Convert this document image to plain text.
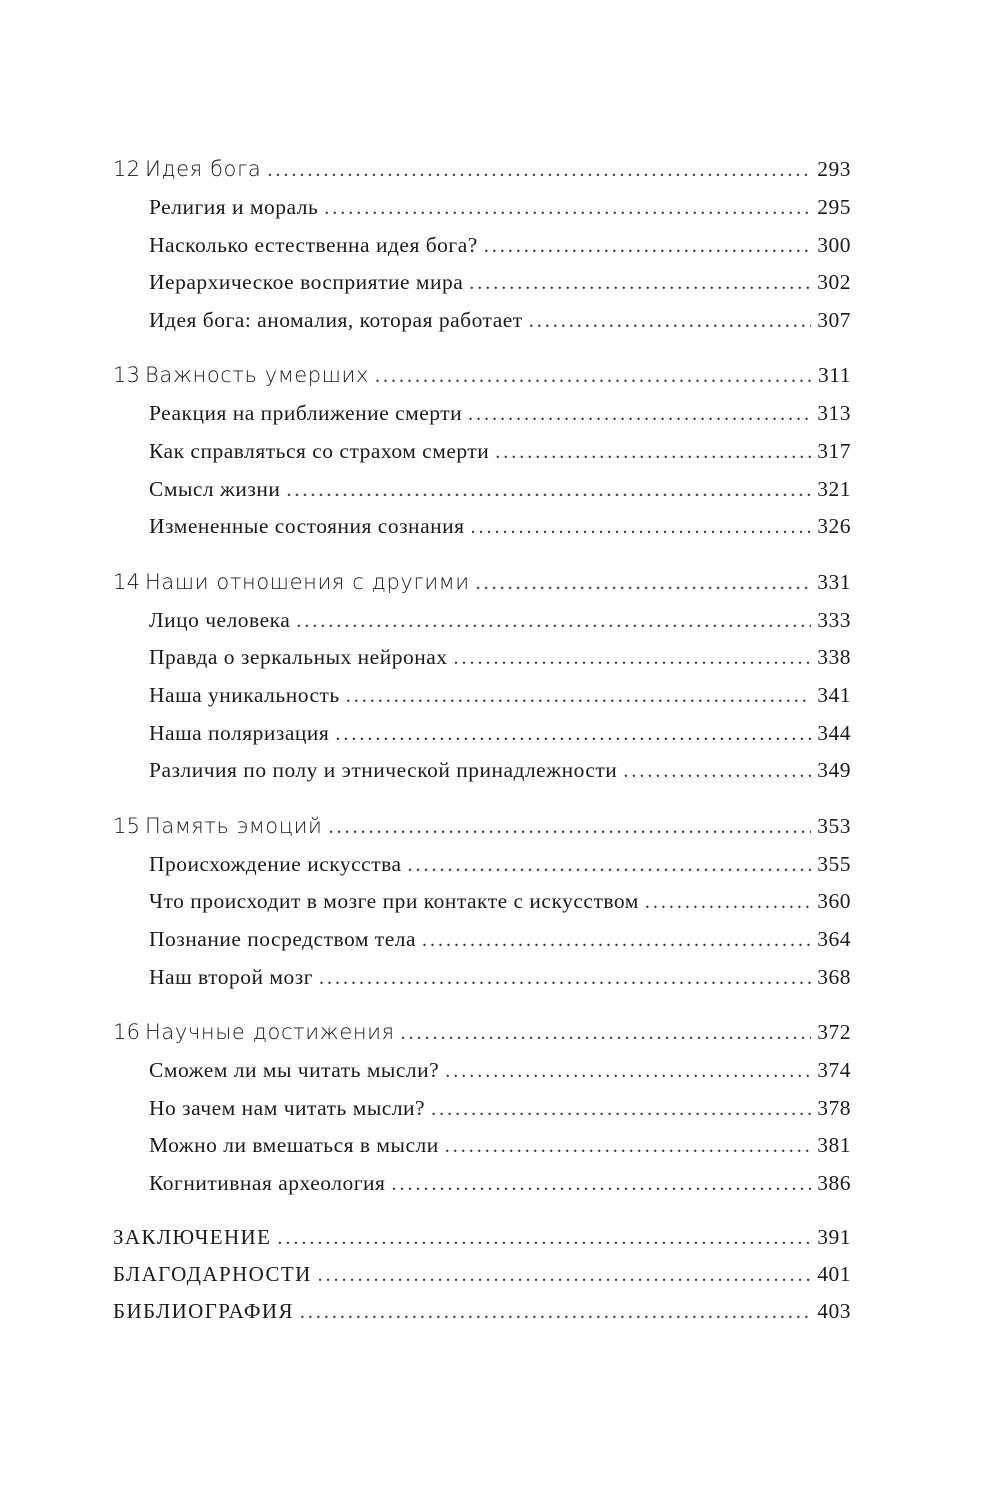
12 Идея бога . . .	293
Религия и мораль . . .	295
Насколько естественна идея бога? . . .	300
Иерархическое восприятие мира . . .	302
Идея бога: аномалия, которая работает . . .	307
13 Важность умерших . . .	311
Реакция на приближение смерти . . .	313
Как справляться со страхом смерти . . .	317
Смысл жизни . . .	321
Измененные состояния сознания . . .	326
14 Наши отношения с другими . . .	331
Лицо человека . . .	333
Правда о зеркальных нейронах . . .	338
Наша уникальность . . .	341
Наша поляризация . . .	344
Различия по полу и этнической принадлежности . . .	349
15 Память эмоций . . .	353
Происхождение искусства . . .	355
Что происходит в мозге при контакте с искусством . . .	360
Познание посредством тела . . .	364
Наш второй мозг . . .	368
16 Научные достижения . . .	372
Сможем ли мы читать мысли? . . .	374
Но зачем нам читать мысли? . . .	378
Можно ли вмешаться в мысли . . .	381
Когнитивная археология . . .	386
ЗАКЛЮЧЕНИЕ . . .	391
БЛАГОДАРНОСТИ . . .	401
БИБЛИОГРАФИЯ . . .	403
